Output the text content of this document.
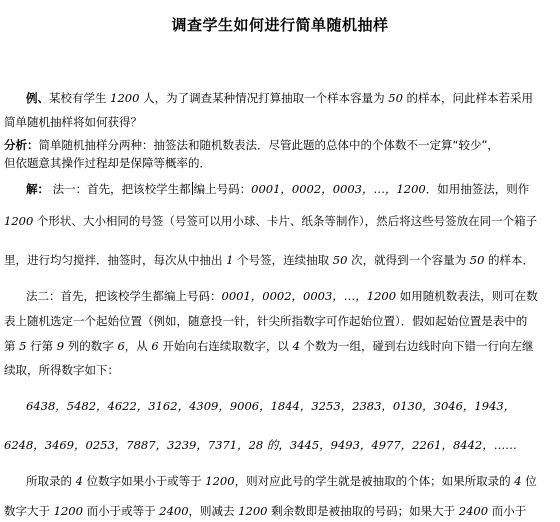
调查学生如何进行简单随机抽样
例、某校有学生 1200 人，为了调查某种情况打算抽取一个样本容量为 50 的样本，问此样本若采用
简单随机抽样将如何获得？
分析：简单随机抽样分两种：抽签法和随机数表法．尽管此题的总体中的个体数不一定算“较少”，
但依题意其操作过程却是保障等概率的．
解： 法一：首先，把该校学生都 编上号码：0001，0002，0003，…，1200．如用抽签法，则作
1200 个形状、大小相同的号签（号签可以用小球、卡片、纸条等制作），然后将这些号签放在同一个箱子
里，进行均匀搅拌．抽签时，每次从中抽出 1 个号签，连续抽取 50 次，就得到一个容量为 50 的样本．
法二：首先，把该校学生都编上号码：0001，0002，0003，…，1200 如用随机数表法，则可在数
表上随机选定一个起始位置（例如，随意投一针，针尖所指数字可作起始位置）．假如起始位置是表中的
第 5 行第 9 列的数字 6，从 6 开始向右连续取数字，以 4 个数为一组，碰到右边线时向下错一行向左继
续取，所得数字如下：
6438，5482，4622，3162，4309，9006，1844，3253，2383，0130，3046，1943，
6248，3469，0253，7887，3239，7371，28 的，3445，9493，4977，2261，8442，……
所取录的 4 位数字如果小于或等于 1200，则对应此号的学生就是被抽取的个体；如果所取录的 4 位
数字大于 1200 而小于或等于 2400，则减去 1200 剩余数即是被抽取的号码；如果大于 2400 而小于
